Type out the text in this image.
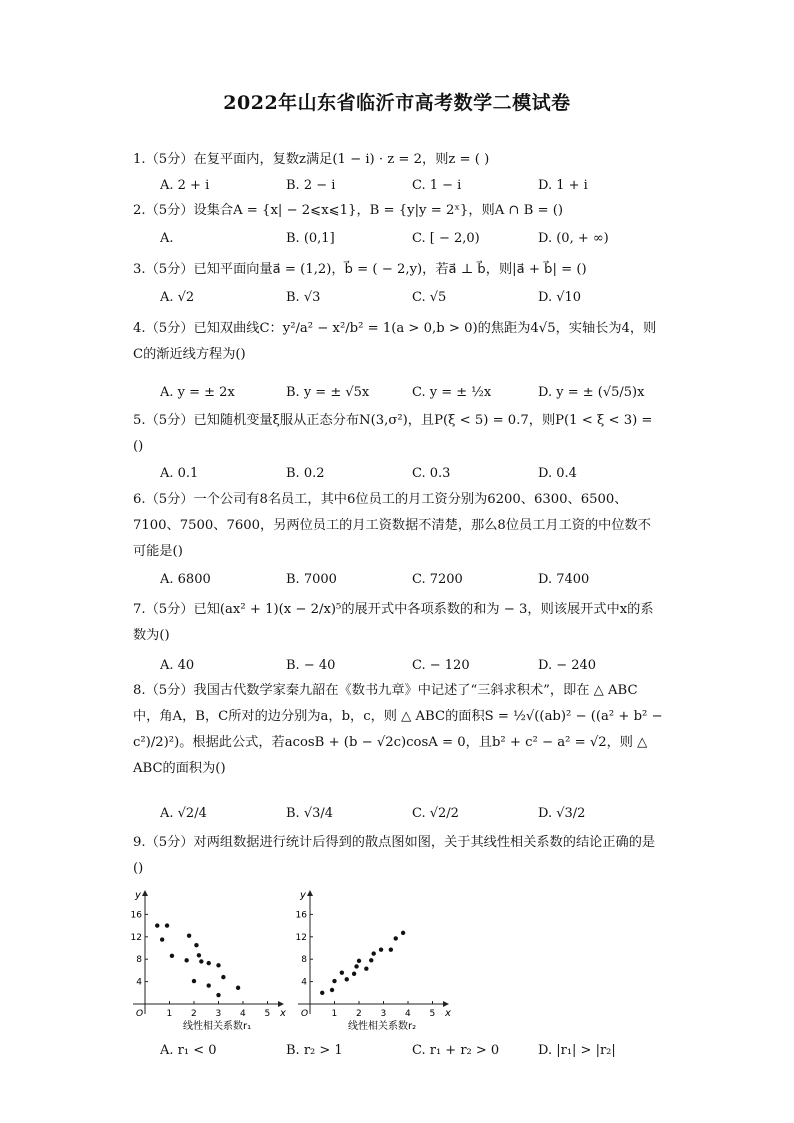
2022年山东省临沂市高考数学二模试卷
1.（5分）在复平面内，复数z满足(1 − i) · z = 2，则z = ( )
A. 2 + i	B. 2 − i	C. 1 − i	D. 1 + i
2.（5分）设集合A = {x| − 2⩽x⩽1}，B = {y|y = 2ˣ}，则A ∩ B = ()
A.	B. (0,1]	C. [ − 2,0)	D. (0, + ∞)
3.（5分）已知平面向量a⃗ = (1,2)，b⃗ = ( − 2,y)，若a⃗ ⊥ b⃗，则|a⃗ + b⃗| = ()
A. √2	B. √3	C. √5	D. √10
4.（5分）已知双曲线C：y²/a² − x²/b² = 1(a > 0,b > 0)的焦距为4√5，实轴长为4，则C的渐近线方程为()
A. y = ± 2x	B. y = ± √5x	C. y = ± ½x	D. y = ± (√5/5)x
5.（5分）已知随机变量ξ服从正态分布N(3,σ²)，且P(ξ < 5) = 0.7，则P(1 < ξ < 3) = ()
A. 0.1	B. 0.2	C. 0.3	D. 0.4
6.（5分）一个公司有8名员工，其中6位员工的月工资分别为6200、6300、6500、7100、7500、7600，另两位员工的月工资数据不清楚，那么8位员工月工资的中位数不可能是()
A. 6800	B. 7000	C. 7200	D. 7400
7.（5分）已知(ax² + 1)(x − 2/x)⁵的展开式中各项系数的和为 − 3，则该展开式中x的系数为()
A. 40	B. − 40	C. − 120	D. − 240
8.（5分）我国古代数学家秦九韶在《数书九章》中记述了“三斜求积术”，即在 △ ABC中，角A，B，C所对的边分别为a，b，c，则 △ ABC的面积S = ½√((ab)² − ((a² + b² − c²)/2)²)。根据此公式，若acosB + (b − √2c)cosA = 0，且b² + c² − a² = √2，则 △ ABC的面积为()
A. √2/4	B. √3/4	C. √2/2	D. √3/2
9.（5分）对两组数据进行统计后得到的散点图如图，关于其线性相关系数的结论正确的是()
y
x
O	1 2 3 4 5
4
8
12
16
线性相关系数r₁
y
x
O	1 2 3 4 5
4
8
12
16
线性相关系数r₂
A. r₁ < 0	B. r₂ > 1	C. r₁ + r₂ > 0	D. |r₁| > |r₂|
